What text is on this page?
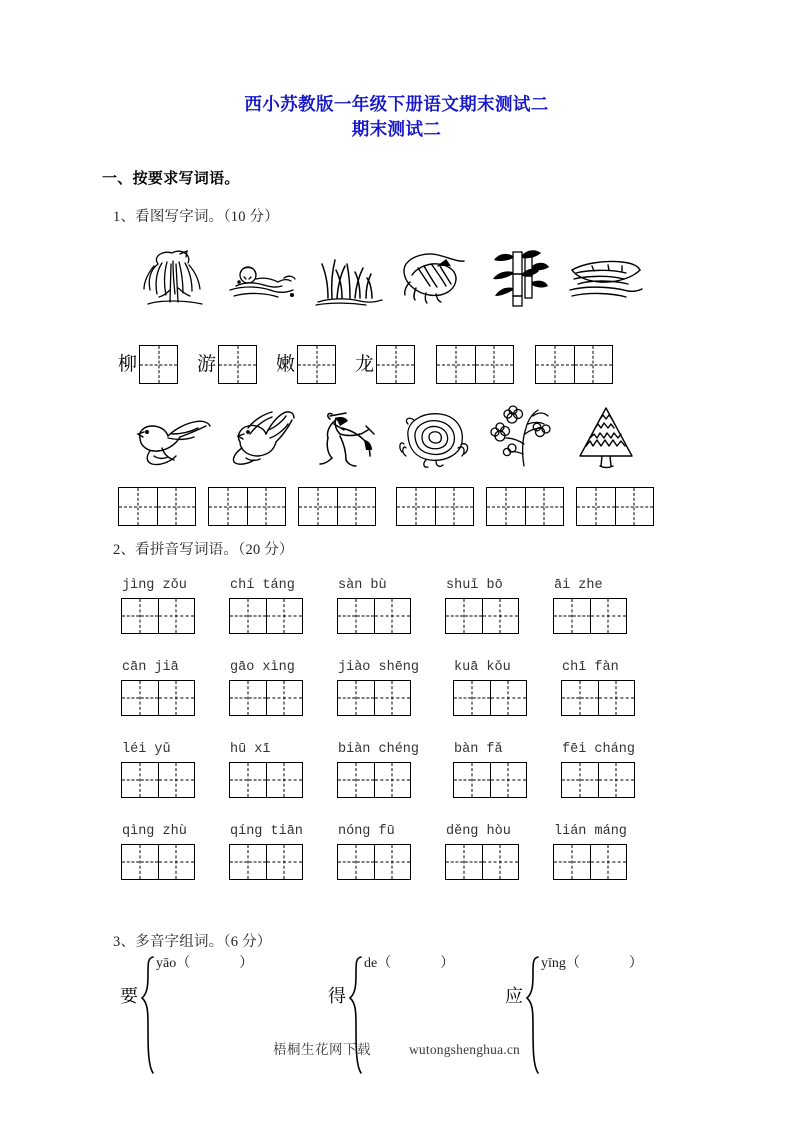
西小苏教版一年级下册语文期末测试二
期末测试二
一、按要求写词语。
1、看图写字词。（10 分）
柳	游	嫩	龙
2、看拼音写词语。（20 分）
jìng zǒu	chí táng	sàn bù	shuǐ bō	āi zhe
cān jiā	gāo xìng	jiào shēng	kuā kǒu	chī fàn
léi yǔ	hū xī	biàn chéng	bàn fǎ	fēi cháng
qìng zhù	qíng tiān	nóng fū	děng hòu	lián máng
3、多音字组词。（6 分）
要
yāo（              ）
得
de（              ）
应
yīng（              ）
梧桐生花网下载	wutongshenghua.cn
